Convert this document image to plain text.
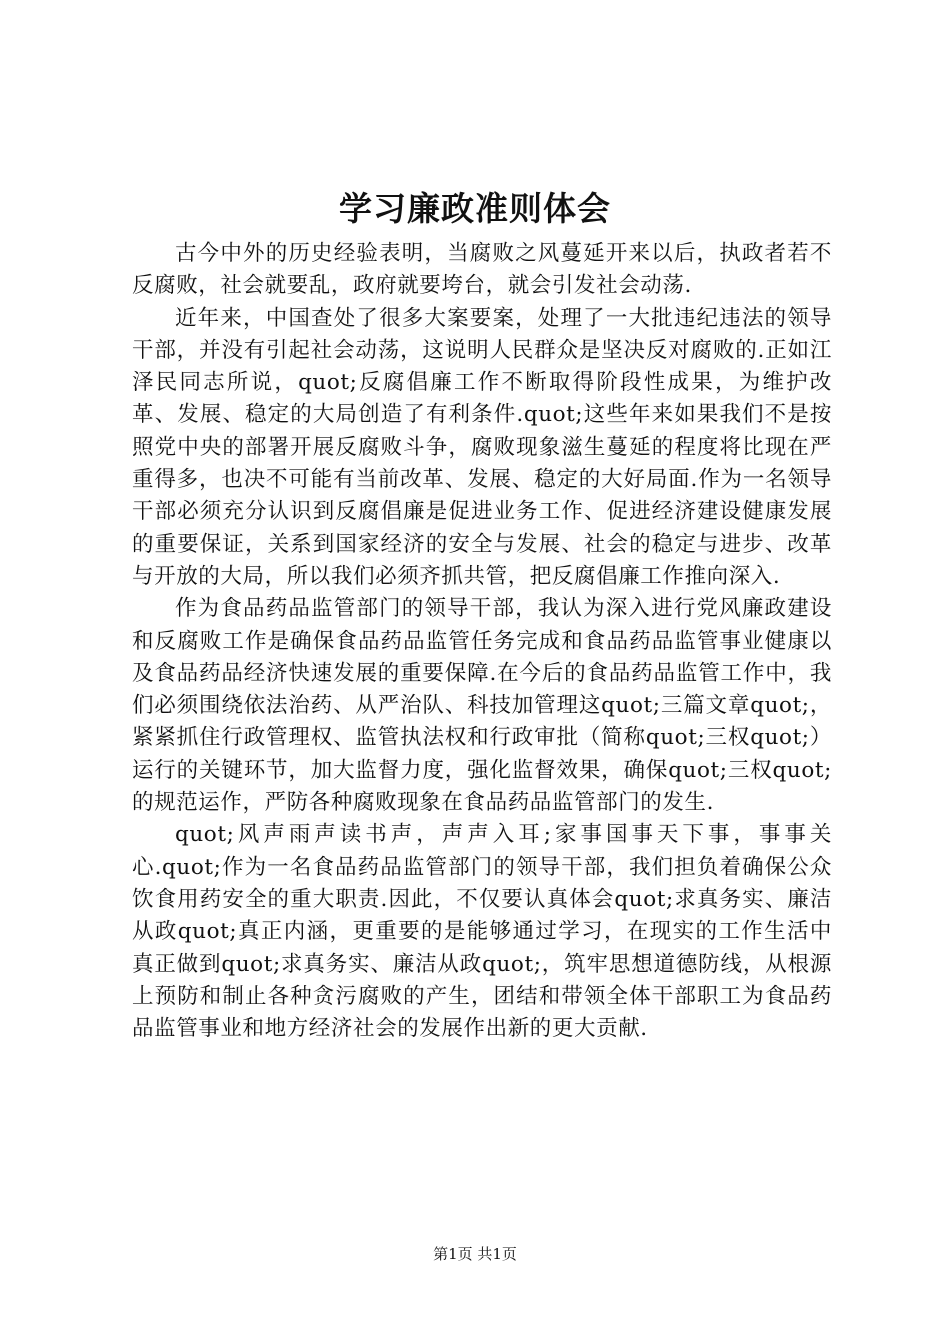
学习廉政准则体会

古今中外的历史经验表明，当腐败之风蔓延开来以后，执政者若不反腐败，社会就要乱，政府就要垮台，就会引发社会动荡.

近年来，中国查处了很多大案要案，处理了一大批违纪违法的领导干部，并没有引起社会动荡，这说明人民群众是坚决反对腐败的.正如江泽民同志所说，quot;反腐倡廉工作不断取得阶段性成果，为维护改革、发展、稳定的大局创造了有利条件.quot;这些年来如果我们不是按照党中央的部署开展反腐败斗争，腐败现象滋生蔓延的程度将比现在严重得多，也决不可能有当前改革、发展、稳定的大好局面.作为一名领导干部必须充分认识到反腐倡廉是促进业务工作、促进经济建设健康发展的重要保证，关系到国家经济的安全与发展、社会的稳定与进步、改革与开放的大局，所以我们必须齐抓共管，把反腐倡廉工作推向深入.

作为食品药品监管部门的领导干部，我认为深入进行党风廉政建设和反腐败工作是确保食品药品监管任务完成和食品药品监管事业健康以及食品药品经济快速发展的重要保障.在今后的食品药品监管工作中，我们必须围绕依法治药、从严治队、科技加管理这quot;三篇文章quot;，紧紧抓住行政管理权、监管执法权和行政审批（简称quot;三权quot;）运行的关键环节，加大监督力度，强化监督效果，确保quot;三权quot;的规范运作，严防各种腐败现象在食品药品监管部门的发生.

quot;风声雨声读书声，声声入耳;家事国事天下事，事事关心.quot;作为一名食品药品监管部门的领导干部，我们担负着确保公众饮食用药安全的重大职责.因此，不仅要认真体会quot;求真务实、廉洁从政quot;真正内涵，更重要的是能够通过学习，在现实的工作生活中真正做到quot;求真务实、廉洁从政quot;，筑牢思想道德防线，从根源上预防和制止各种贪污腐败的产生，团结和带领全体干部职工为食品药品监管事业和地方经济社会的发展作出新的更大贡献.

第1页 共1页
